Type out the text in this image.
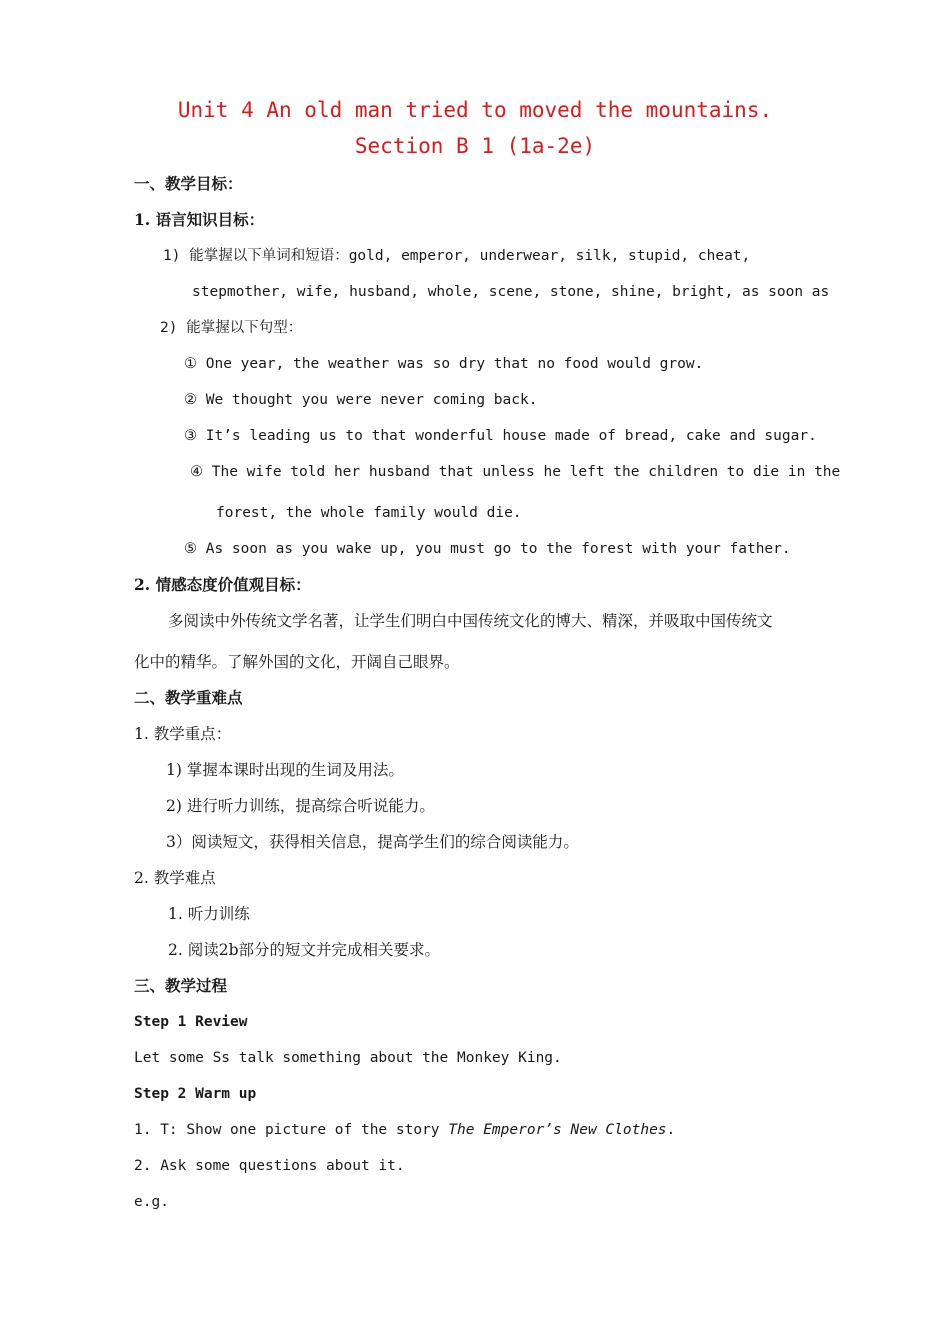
Unit 4 An old man tried to moved the mountains.
Section B 1 (1a-2e)
一、教学目标：
1. 语言知识目标：
1) 能掌握以下单词和短语：gold, emperor, underwear, silk, stupid, cheat,
stepmother, wife, husband, whole, scene, stone, shine, bright, as soon as
2) 能掌握以下句型：
① One year, the weather was so dry that no food would grow.
② We thought you were never coming back.
③ It’s leading us to that wonderful house made of bread, cake and sugar.
④ The wife told her husband that unless he left the children to die in the
forest, the whole family would die.
⑤ As soon as you wake up, you must go to the forest with your father.
2. 情感态度价值观目标：
多阅读中外传统文学名著，让学生们明白中国传统文化的博大、精深，并吸取中国传统文
化中的精华。了解外国的文化，开阔自己眼界。
二、教学重难点
1. 教学重点：
1) 掌握本课时出现的生词及用法。
2) 进行听力训练，提高综合听说能力。
3）阅读短文，获得相关信息，提高学生们的综合阅读能力。
2. 教学难点
1. 听力训练
2. 阅读2b部分的短文并完成相关要求。
三、教学过程
Step 1 Review
Let some Ss talk something about the Monkey King.
Step 2 Warm up
1. T: Show one picture of the story The Emperor’s New Clothes.
2. Ask some questions about it.
e.g.
